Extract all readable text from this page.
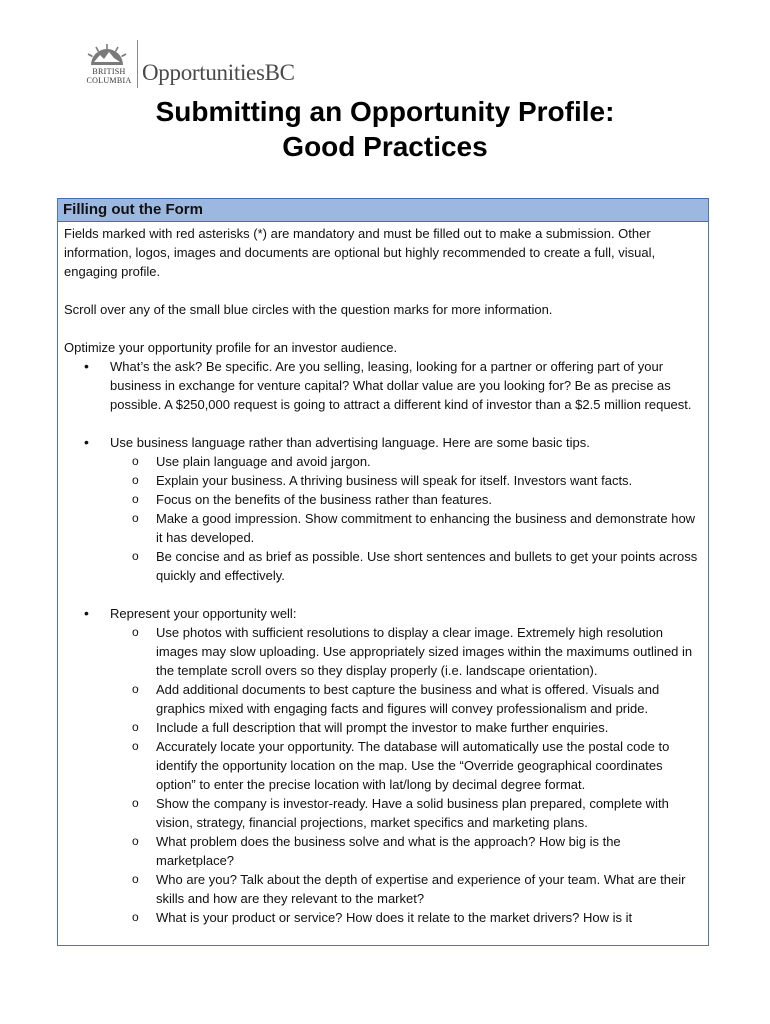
BRITISH
COLUMBIA OpportunitiesBC
Submitting an Opportunity Profile:
Good Practices
Filling out the Form

Fields marked with red asterisks (*) are mandatory and must be filled out to make a submission. Other information, logos, images and documents are optional but highly recommended to create a full, visual, engaging profile.

Scroll over any of the small blue circles with the question marks for more information.

Optimize your opportunity profile for an investor audience.

• What’s the ask? Be specific. Are you selling, leasing, looking for a partner or offering part of your business in exchange for venture capital? What dollar value are you looking for? Be as precise as possible. A $250,000 request is going to attract a different kind of investor than a $2.5 million request.
• Use business language rather than advertising language. Here are some basic tips.
o Use plain language and avoid jargon.
o Explain your business. A thriving business will speak for itself. Investors want facts.
o Focus on the benefits of the business rather than features.
o Make a good impression. Show commitment to enhancing the business and demonstrate how it has developed.
o Be concise and as brief as possible. Use short sentences and bullets to get your points across quickly and effectively.
• Represent your opportunity well:
o Use photos with sufficient resolutions to display a clear image. Extremely high resolution images may slow uploading. Use appropriately sized images within the maximums outlined in the template scroll overs so they display properly (i.e. landscape orientation).
o Add additional documents to best capture the business and what is offered. Visuals and graphics mixed with engaging facts and figures will convey professionalism and pride.
o Include a full description that will prompt the investor to make further enquiries.
o Accurately locate your opportunity. The database will automatically use the postal code to identify the opportunity location on the map. Use the “Override geographical coordinates option” to enter the precise location with lat/long by decimal degree format.
o Show the company is investor-ready. Have a solid business plan prepared, complete with vision, strategy, financial projections, market specifics and marketing plans.
o What problem does the business solve and what is the approach? How big is the marketplace?
o Who are you? Talk about the depth of expertise and experience of your team. What are their skills and how are they relevant to the market?
o What is your product or service? How does it relate to the market drivers? How is it
